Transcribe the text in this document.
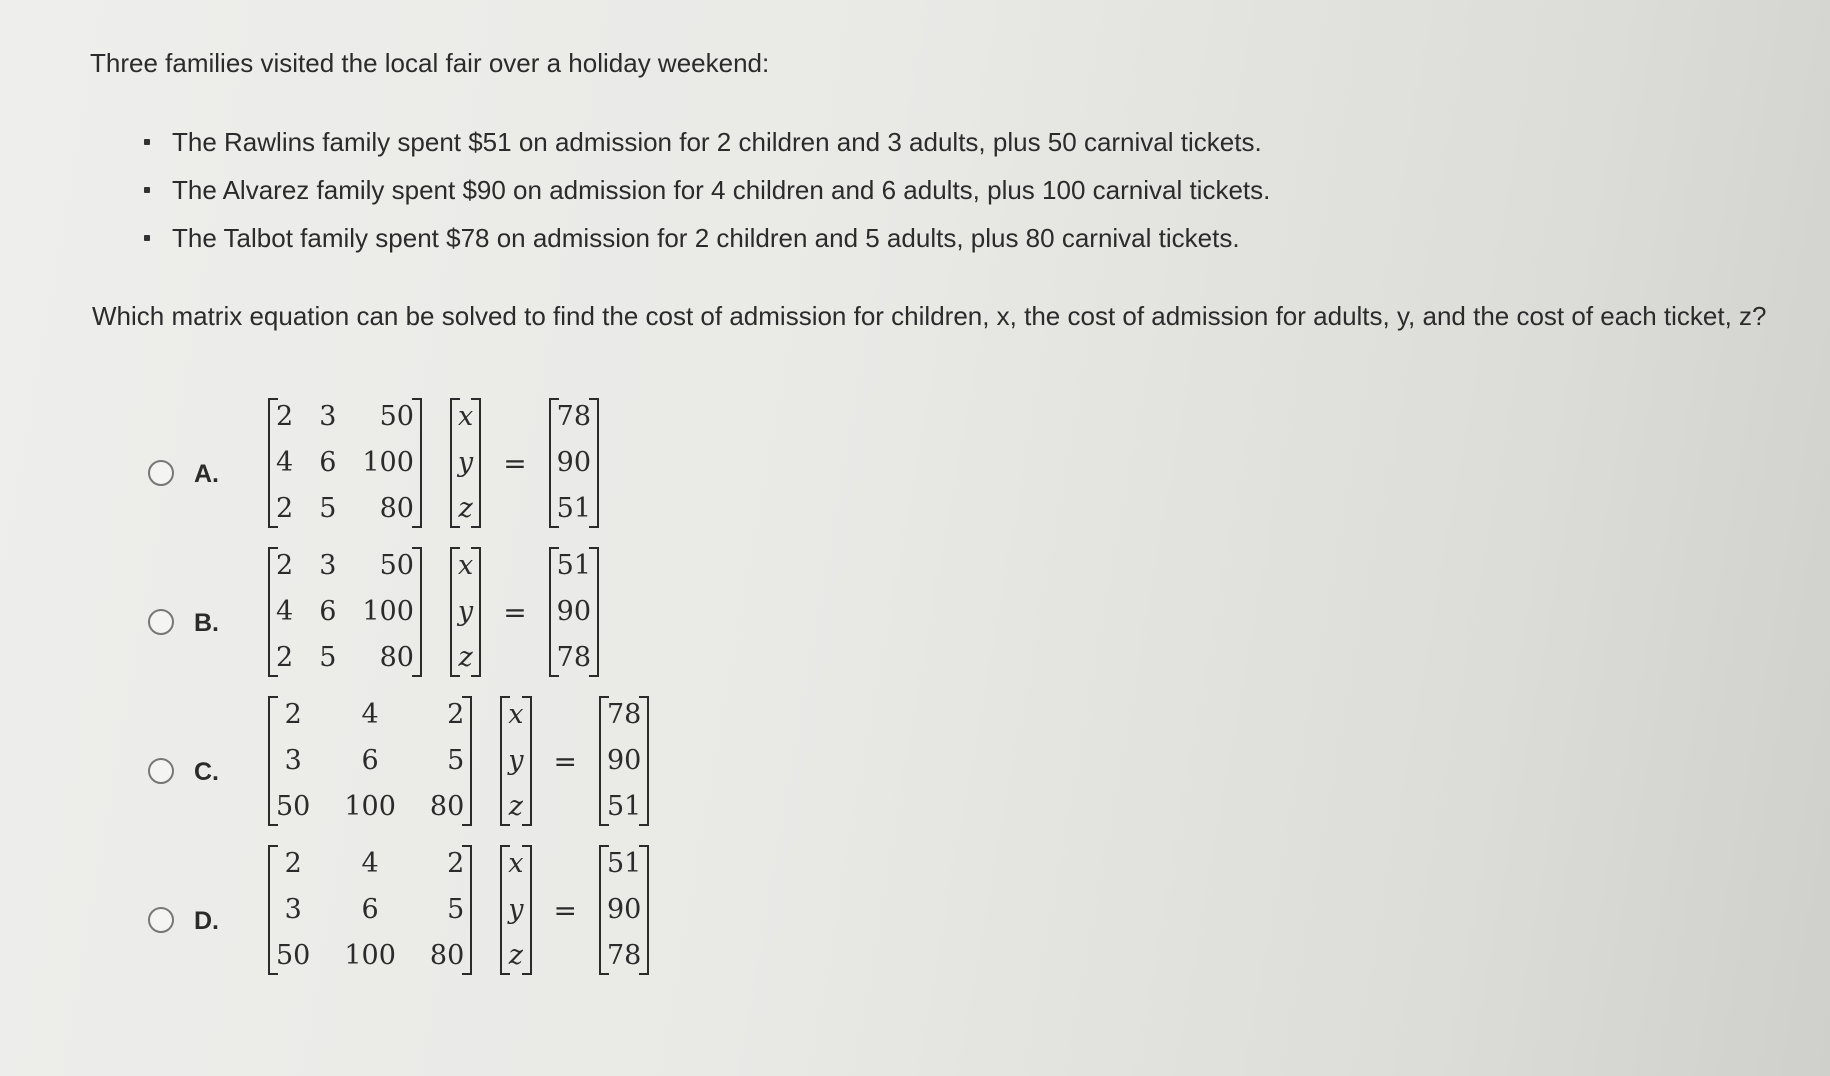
Three families visited the local fair over a holiday weekend:

The Rawlins family spent $51 on admission for 2 children and 3 adults, plus 50 carnival tickets.
The Alvarez family spent $90 on admission for 4 children and 6 adults, plus 100 carnival tickets.
The Talbot family spent $78 on admission for 2 children and 5 adults, plus 80 carnival tickets.

Which matrix equation can be solved to find the cost of admission for children, x, the cost of admission for adults, y, and the cost of each ticket, z?

A.
2 3	50
4 6 100
2 5	80
x
y
z
=
78
90
51
B.
2 3	50
4 6 100
2 5	80
x
y
z
=
51
90
78
C.
2	4	2
3	6	5
50 100 80
x
y
z
=
78
90
51
D.
2	4	2
3	6	5
50 100 80
x
y
z
=
51
90
78
